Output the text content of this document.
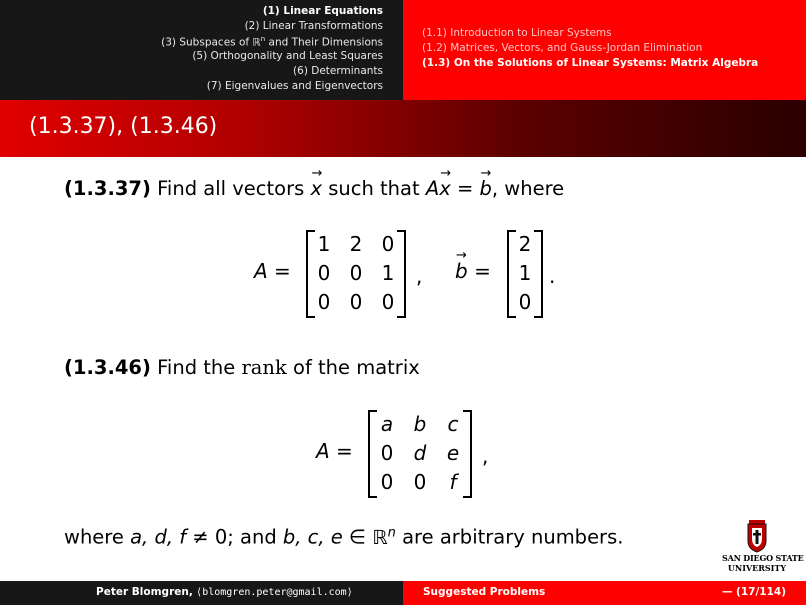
(1) Linear Equations
(2) Linear Transformations
(3) Subspaces of ℝ$^n$ and Their Dimensions
(5) Orthogonality and Least Squares
(6) Determinants
(7) Eigenvalues and Eigenvectors
(1.1) Introduction to Linear Systems
(1.2) Matrices, Vectors, and Gauss-Jordan Elimination
(1.3) On the Solutions of Linear Systems: Matrix Algebra
(1.3.37), (1.3.46)
(1.3.37) Find all vectors
→
x such that A
→
x =
→
b, where
A =
1 2 0
0 0 1
0 0 0
,
→
b =
2
1
0
.
(1.3.46) Find the rank of the matrix
A =
a	b	c
0	d	e
0	0	f
,
where a, d, f ≠ 0; and b, c, e ∈ ℝ$^n$ are arbitrary numbers.
SAN DIEGO STATE
UNIVERSITY
Peter Blomgren, ⟨blomgren.peter@gmail.com⟩	Suggested Problems	— (17/114)
